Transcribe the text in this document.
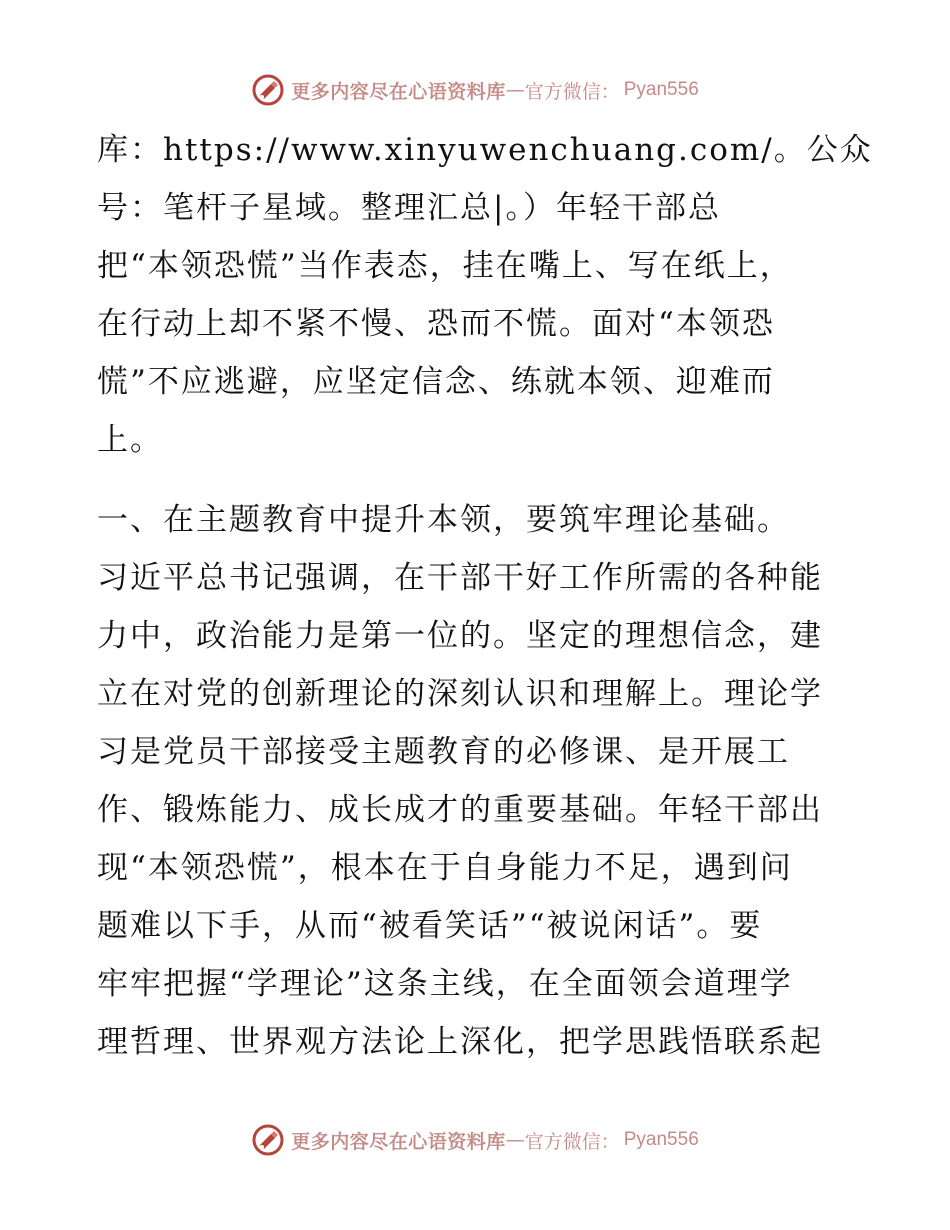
更多内容尽在心语资料库 — 官方微信： Pyan556
库：https://www.xinyuwenchuang.com/。公众
号：笔杆子星域。整理汇总|。）年轻干部总
把“本领恐慌”当作表态，挂在嘴上、写在纸上，
在行动上却不紧不慢、恐而不慌。面对“本领恐
慌”不应逃避，应坚定信念、练就本领、迎难而
上。
一、在主题教育中提升本领，要筑牢理论基础。
习近平总书记强调，在干部干好工作所需的各种能
力中，政治能力是第一位的。坚定的理想信念，建
立在对党的创新理论的深刻认识和理解上。理论学
习是党员干部接受主题教育的必修课、是开展工
作、锻炼能力、成长成才的重要基础。年轻干部出
现“本领恐慌”，根本在于自身能力不足，遇到问
题难以下手，从而“被看笑话”“被说闲话”。要
牢牢把握“学理论”这条主线，在全面领会道理学
理哲理、世界观方法论上深化，把学思践悟联系起
更多内容尽在心语资料库 — 官方微信： Pyan556
